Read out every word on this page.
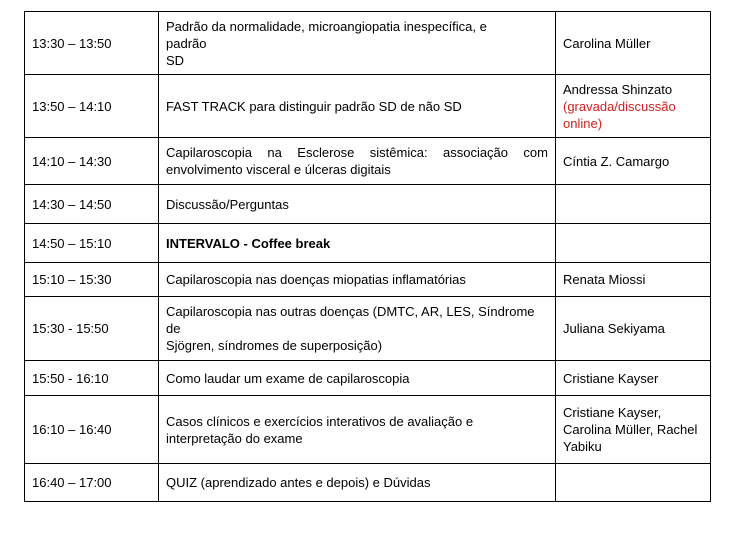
13:30 – 13:50	Padrão da normalidade, microangiopatia inespecífica, e
padrão
SD	Carolina Müller
13:50 – 14:10	FAST TRACK para distinguir padrão SD de não SD	Andressa Shinzato
(gravada/discussão online)

14:10 – 14:30	Capilaroscopia na Esclerose sistêmica: associação com envolvimento visceral e úlceras digitais	Cíntia Z. Camargo
14:30 – 14:50	Discussão/Perguntas	
14:50 – 15:10	INTERVALO - Coffee break	
15:10 – 15:30	Capilaroscopia nas doenças miopatias inflamatórias	Renata Miossi
15:30 - 15:50	Capilaroscopia nas outras doenças (DMTC, AR, LES, Síndrome
de
Sjögren, síndromes de superposição)	Juliana Sekiyama
15:50 - 16:10	Como laudar um exame de capilaroscopia	Cristiane Kayser
16:10 – 16:40	Casos clínicos e exercícios interativos de avaliação e interpretação do exame	Cristiane Kayser, Carolina Müller, Rachel Yabiku
16:40 – 17:00	QUIZ (aprendizado antes e depois) e Dúvidas	
